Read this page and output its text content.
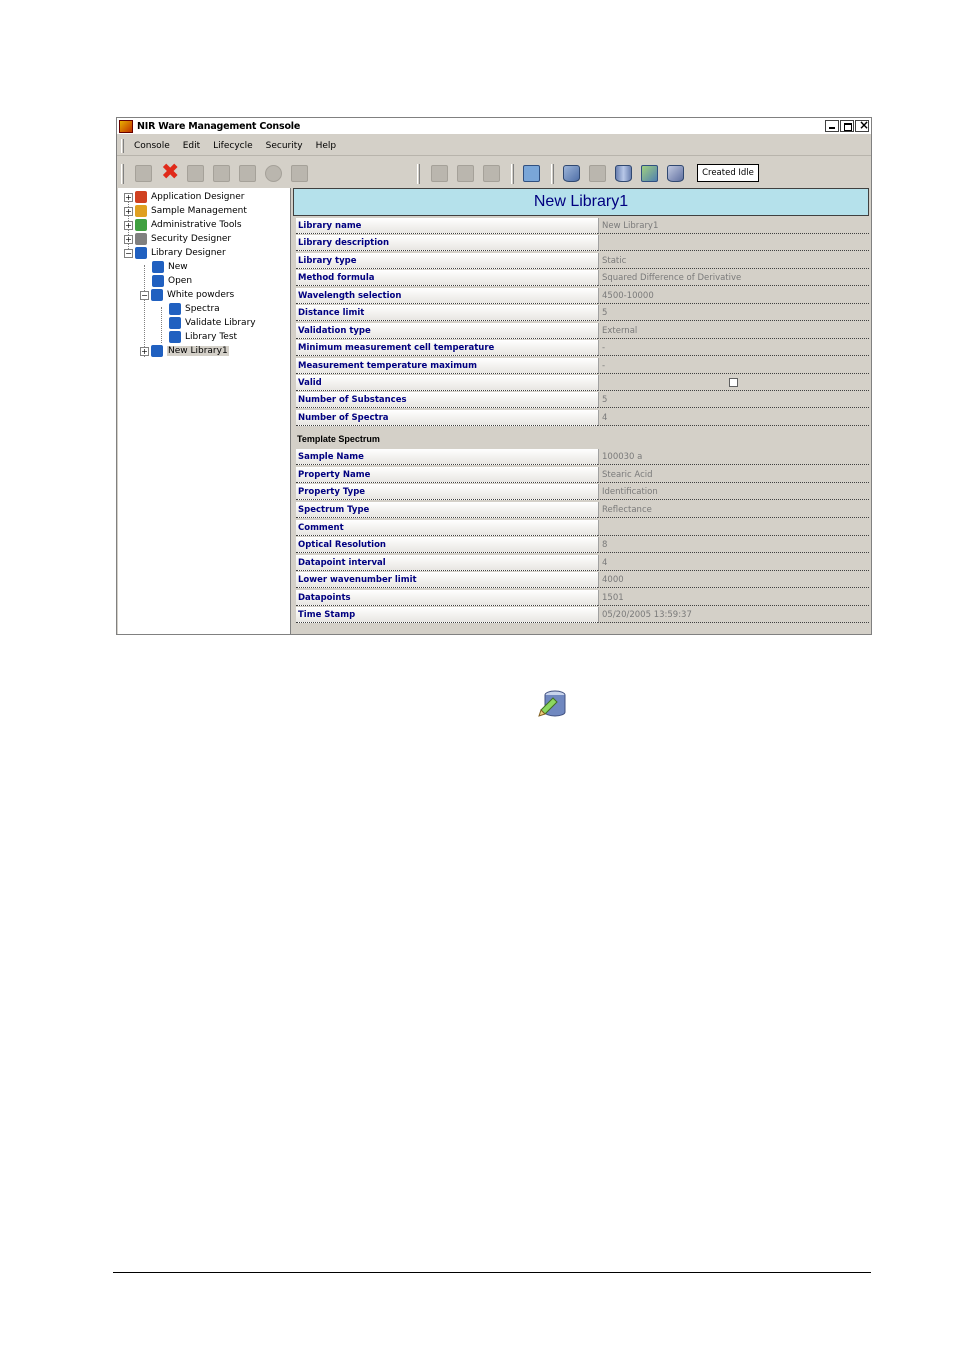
NIR Ware Management Console
×
Console Edit Lifecycle Security Help
✖	Created Idle
+ Application Designer
+ Sample Management
+ Administrative Tools
+ Security Designer
− Library Designer
New
Open
− White powders
Spectra
Validate Library
Library Test
+ New Library1
New Library1
Library name	New Library1
Library description
Library type	Static
Method formula	Squared Difference of Derivative
Wavelength selection	4500-10000
Distance limit	5
Validation type	External
Minimum measurement cell temperature	-
Measurement temperature maximum	-
Valid
Number of Substances	5
Number of Spectra	4
Template Spectrum
Sample Name	100030 a
Property Name	Stearic Acid
Property Type	Identification
Spectrum Type	Reflectance
Comment
Optical Resolution	8
Datapoint interval	4
Lower wavenumber limit	4000
Datapoints	1501
Time Stamp	05/20/2005 13:59:37
